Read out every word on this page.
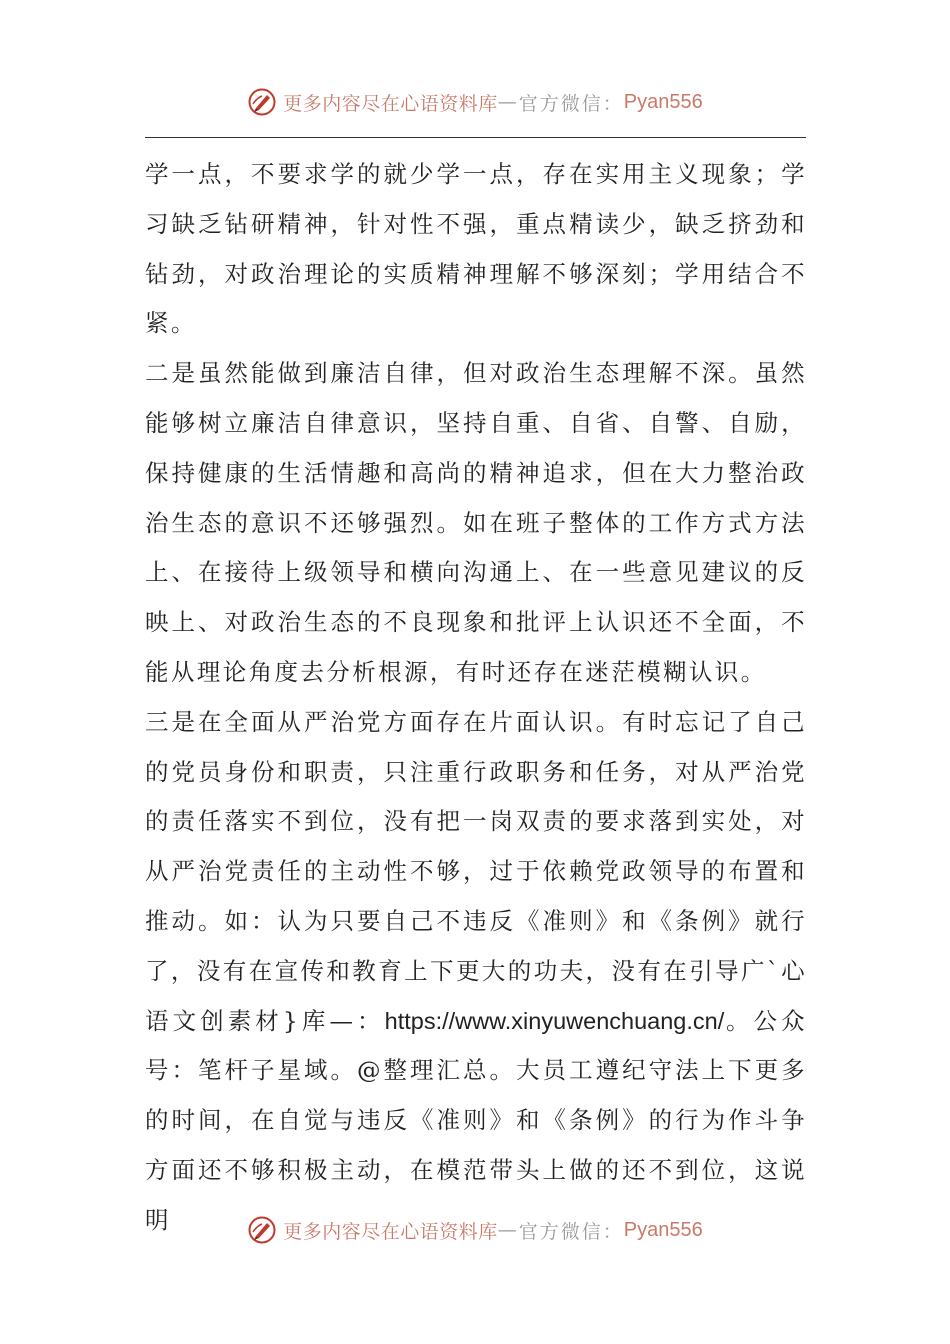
更多内容尽在心语资料库 — 官方微信： Pyan556

学一点，不要求学的就少学一点，存在实用主义现象；学习缺乏钻研精神，针对性不强，重点精读少，缺乏挤劲和钻劲，对政治理论的实质精神理解不够深刻；学用结合不紧。

二是虽然能做到廉洁自律，但对政治生态理解不深。虽然能够树立廉洁自律意识，坚持自重、自省、自警、自励，保持健康的生活情趣和高尚的精神追求，但在大力整治政治生态的意识不还够强烈。如在班子整体的工作方式方法上、在接待上级领导和横向沟通上、在一些意见建议的反映上、对政治生态的不良现象和批评上认识还不全面，不能从理论角度去分析根源，有时还存在迷茫模糊认识。

三是在全面从严治党方面存在片面认识。有时忘记了自己的党员身份和职责，只注重行政职务和任务，对从严治党的责任落实不到位，没有把一岗双责的要求落到实处，对从严治党责任的主动性不够，过于依赖党政领导的布置和推动。如：认为只要自己不违反《准则》和《条例》就行了，没有在宣传和教育上下更大的功夫，没有在引导广`心语文创素材}库—：https://www.xinyuwenchuang.cn/。公众号：笔杆子星域。@整理汇总。大员工遵纪守法上下更多的时间，在自觉与违反《准则》和《条例》的行为作斗争方面还不够积极主动，在模范带头上做的还不到位，这说明	更多内容尽在心语资料库 — 官方微信： Pyan556
